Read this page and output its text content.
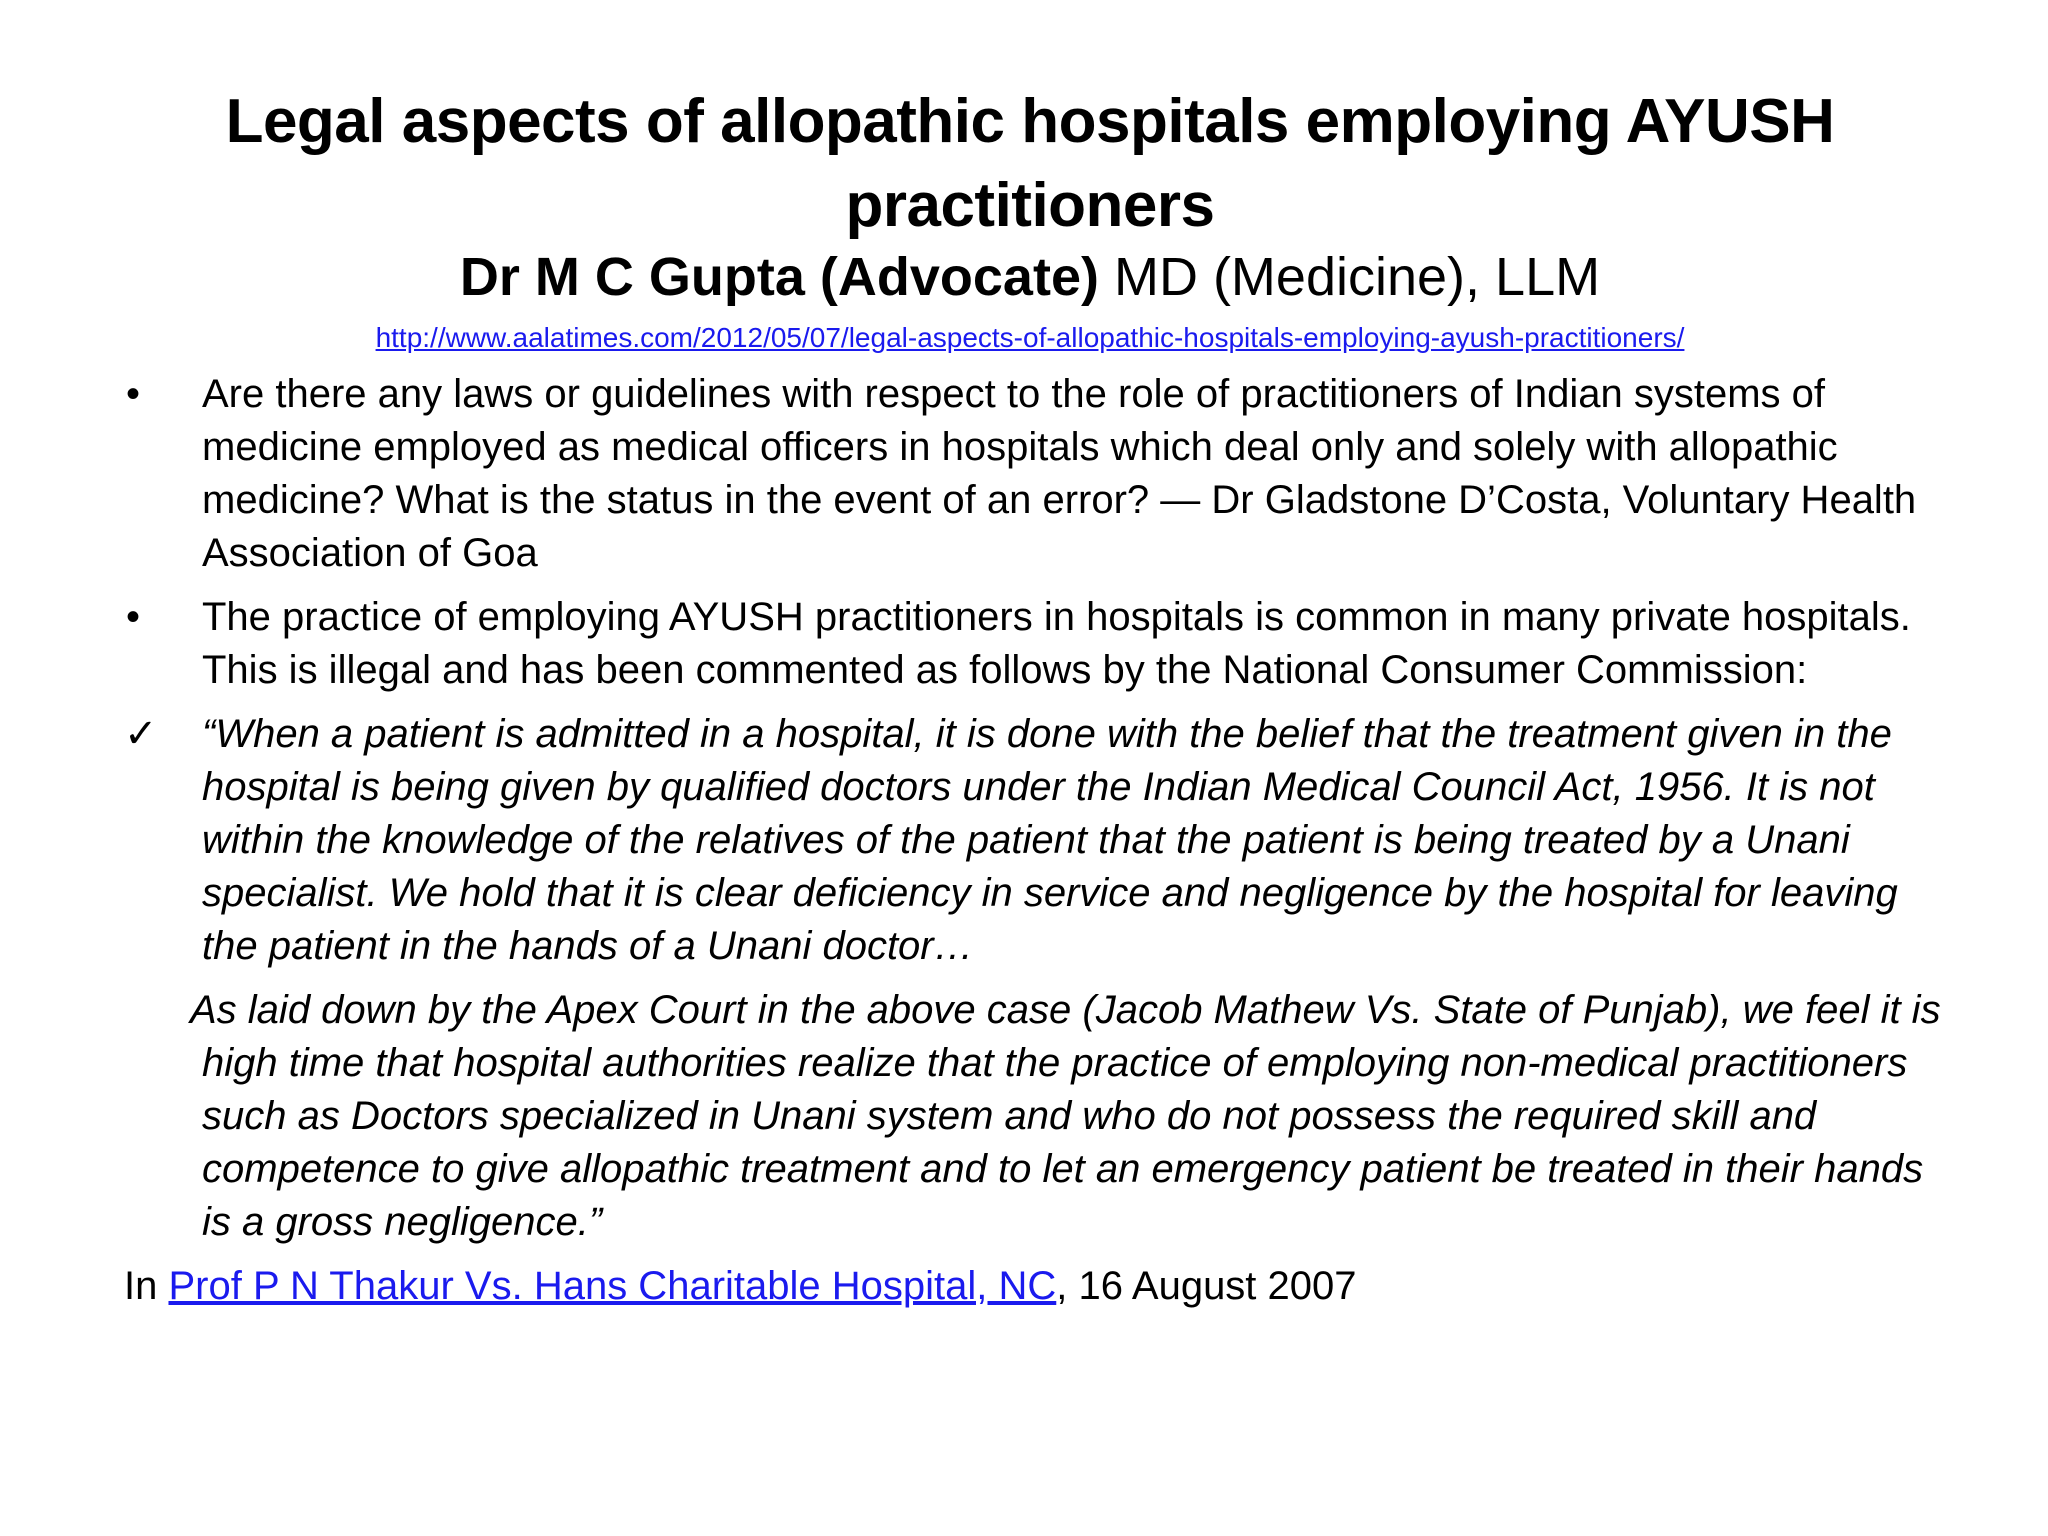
Legal aspects of allopathic hospitals employing AYUSH practitioners
Dr M C Gupta (Advocate) MD (Medicine), LLM
http://www.aalatimes.com/2012/05/07/legal-aspects-of-allopathic-hospitals-employing-ayush-practitioners/
•	Are there any laws or guidelines with respect to the role of practitioners of Indian systems of medicine employed as medical officers in hospitals which deal only and solely with allopathic medicine? What is the status in the event of an error? — Dr Gladstone D’Costa, Voluntary Health Association of Goa
•	The practice of employing AYUSH practitioners in hospitals is common in many private hospitals. This is illegal and has been commented as follows by the National Consumer Commission:
✓	“When a patient is admitted in a hospital, it is done with the belief that the treatment given in the hospital is being given by qualified doctors under the Indian Medical Council Act, 1956. It is not within the knowledge of the relatives of the patient that the patient is being treated by a Unani specialist. We hold that it is clear deficiency in service and negligence by the hospital for leaving the patient in the hands of a Unani doctor…
As laid down by the Apex Court in the above case (Jacob Mathew Vs. State of Punjab), we feel it is high time that hospital authorities realize that the practice of employing non-medical practitioners such as Doctors specialized in Unani system and who do not possess the required skill and competence to give allopathic treatment and to let an emergency patient be treated in their hands is a gross negligence.”
In Prof P N Thakur Vs. Hans Charitable Hospital, NC, 16 August 2007
